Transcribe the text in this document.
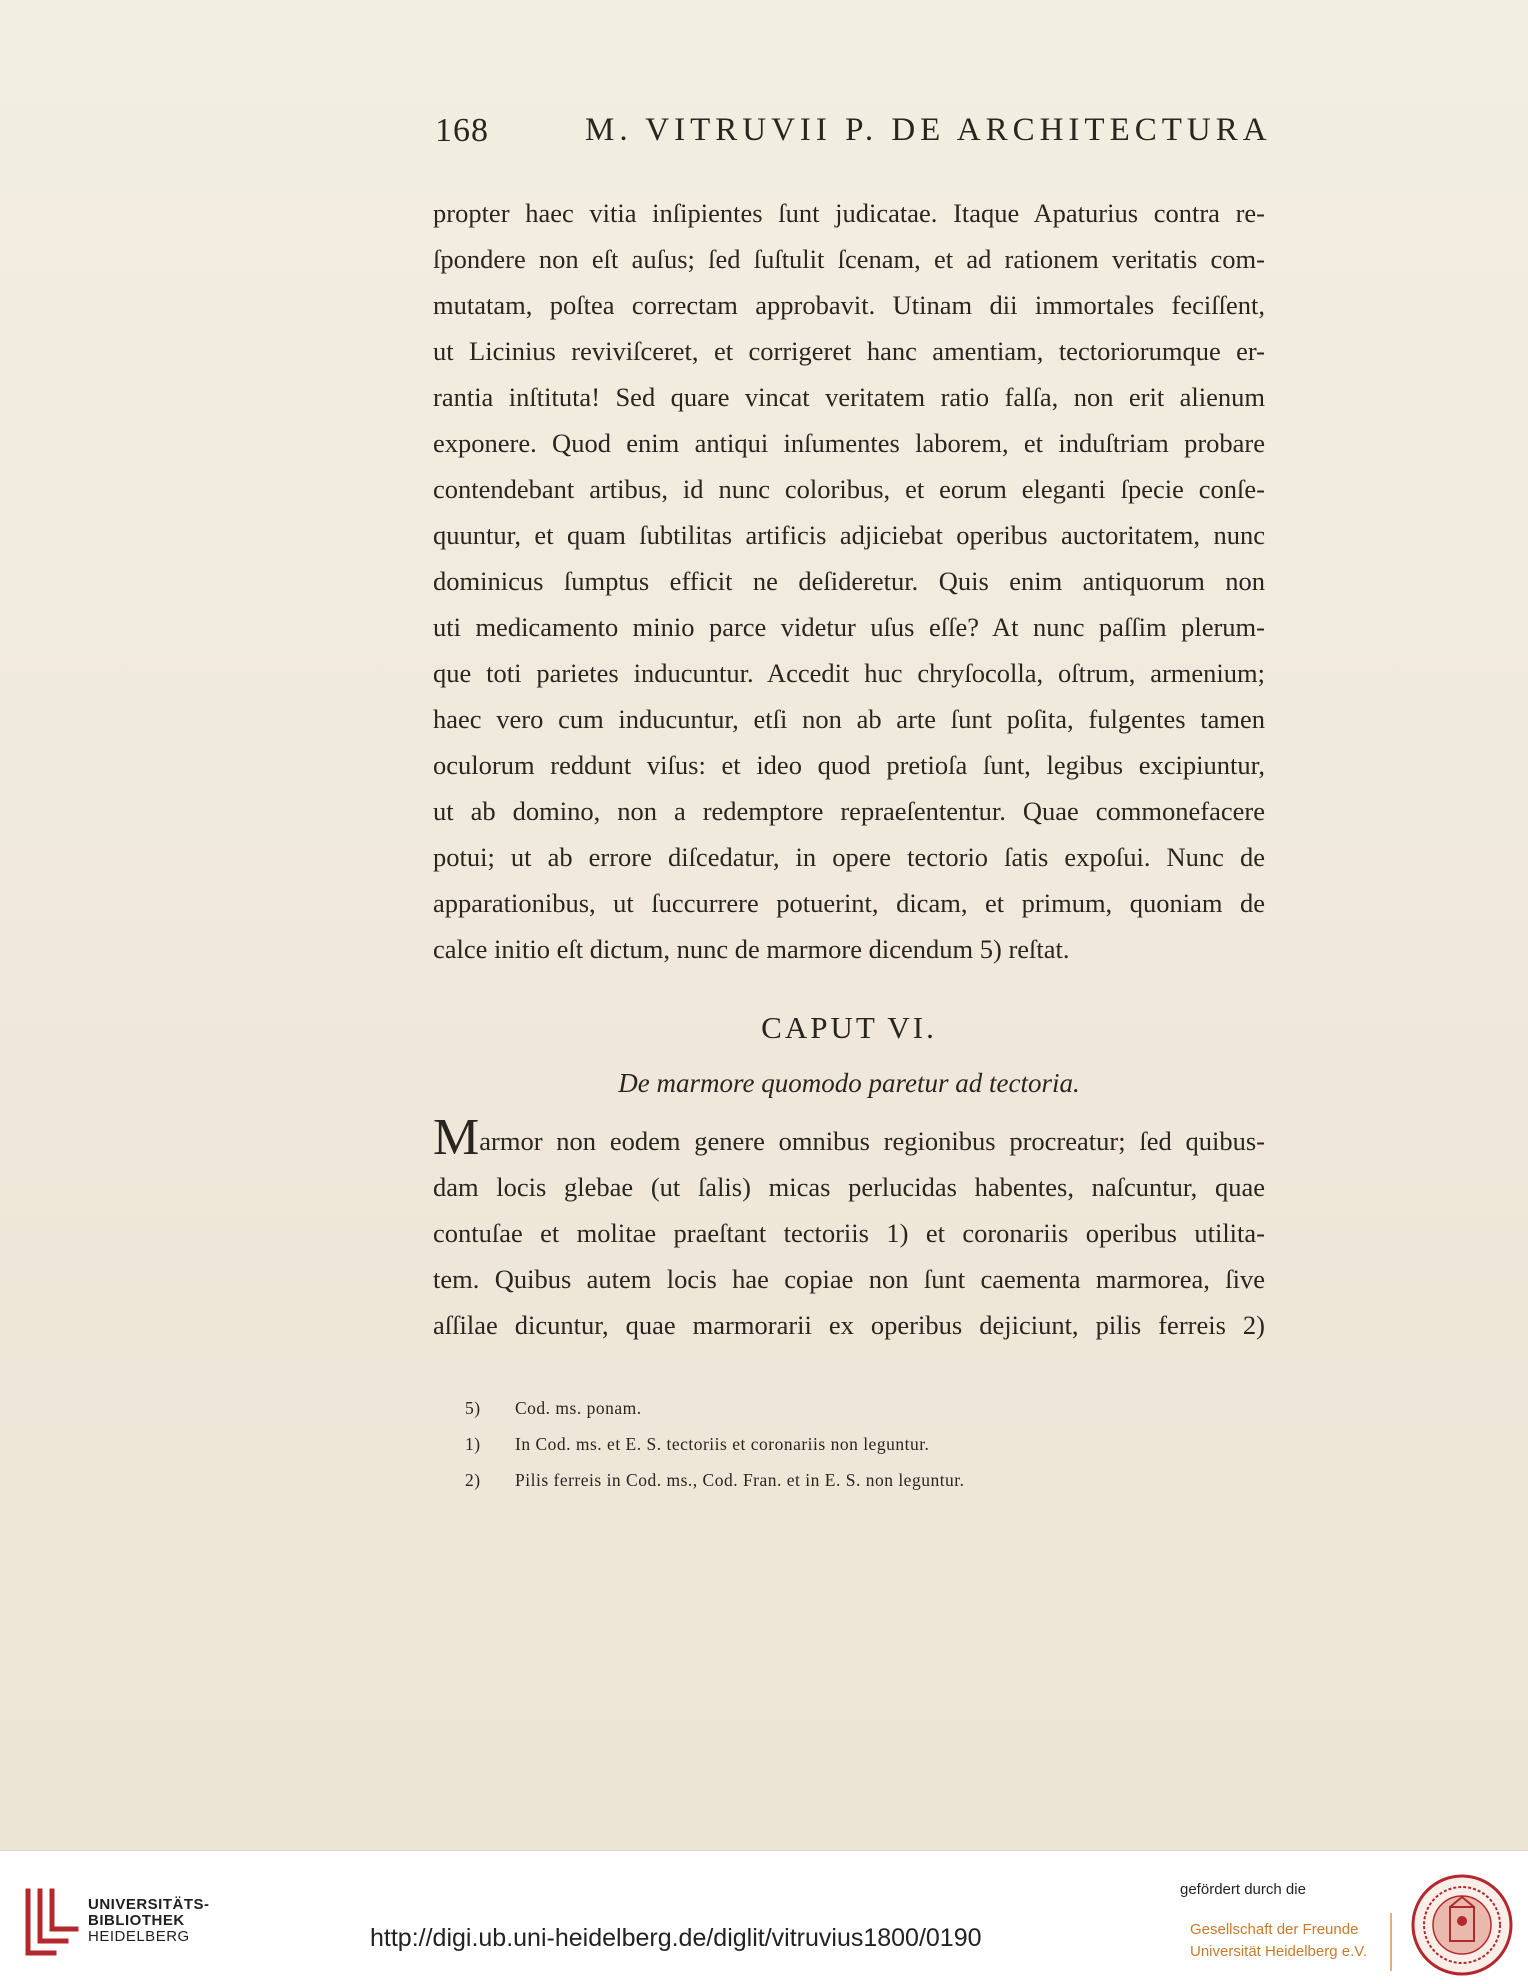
168	M. VITRUVII P. DE ARCHITECTURA
propter haec vitia inſipientes ſunt judicatae. Itaque Apaturius contra re-
ſpondere non eſt auſus; ſed ſuſtulit ſcenam, et ad rationem veritatis com-
mutatam, poſtea correctam approbavit. Utinam dii immortales feciſſent,
ut Licinius reviviſceret, et corrigeret hanc amentiam, tectoriorumque er-
rantia inſtituta! Sed quare vincat veritatem ratio falſa, non erit alienum
exponere. Quod enim antiqui inſumentes laborem, et induſtriam probare
contendebant artibus, id nunc coloribus, et eorum eleganti ſpecie conſe-
quuntur, et quam ſubtilitas artificis adjiciebat operibus auctoritatem, nunc
dominicus ſumptus efficit ne deſideretur. Quis enim antiquorum non
uti medicamento minio parce videtur uſus eſſe? At nunc paſſim plerum-
que toti parietes inducuntur. Accedit huc chryſocolla, oſtrum, armenium;
haec vero cum inducuntur, etſi non ab arte ſunt poſita, fulgentes tamen
oculorum reddunt viſus: et ideo quod pretioſa ſunt, legibus excipiuntur,
ut ab domino, non a redemptore repraeſententur. Quae commonefacere
potui; ut ab errore diſcedatur, in opere tectorio ſatis expoſui. Nunc de
apparationibus, ut ſuccurrere potuerint, dicam, et primum, quoniam de
calce initio eſt dictum, nunc de marmore dicendum 5) reſtat.
CAPUT VI.
De marmore quomodo paretur ad tectoria.
Marmor non eodem genere omnibus regionibus procreatur; ſed quibus-
dam locis glebae (ut ſalis) micas perlucidas habentes, naſcuntur, quae
contuſae et molitae praeſtant tectoriis 1) et coronariis operibus utilita-
tem. Quibus autem locis hae copiae non ſunt caementa marmorea, ſive
aſſilae dicuntur, quae marmorarii ex operibus dejiciunt, pilis ferreis 2)
5) Cod. ms. ponam.
1) In Cod. ms. et E. S. tectoriis et coronariis non leguntur.
2) Pilis ferreis in Cod. ms., Cod. Fran. et in E. S. non leguntur.
UNIVERSITÄTS-
BIBLIOTHEK
HEIDELBERG	http://digi.ub.uni-heidelberg.de/diglit/vitruvius1800/0190
gefördert durch die
Gesellschaft der Freunde
Universität Heidelberg e.V.
